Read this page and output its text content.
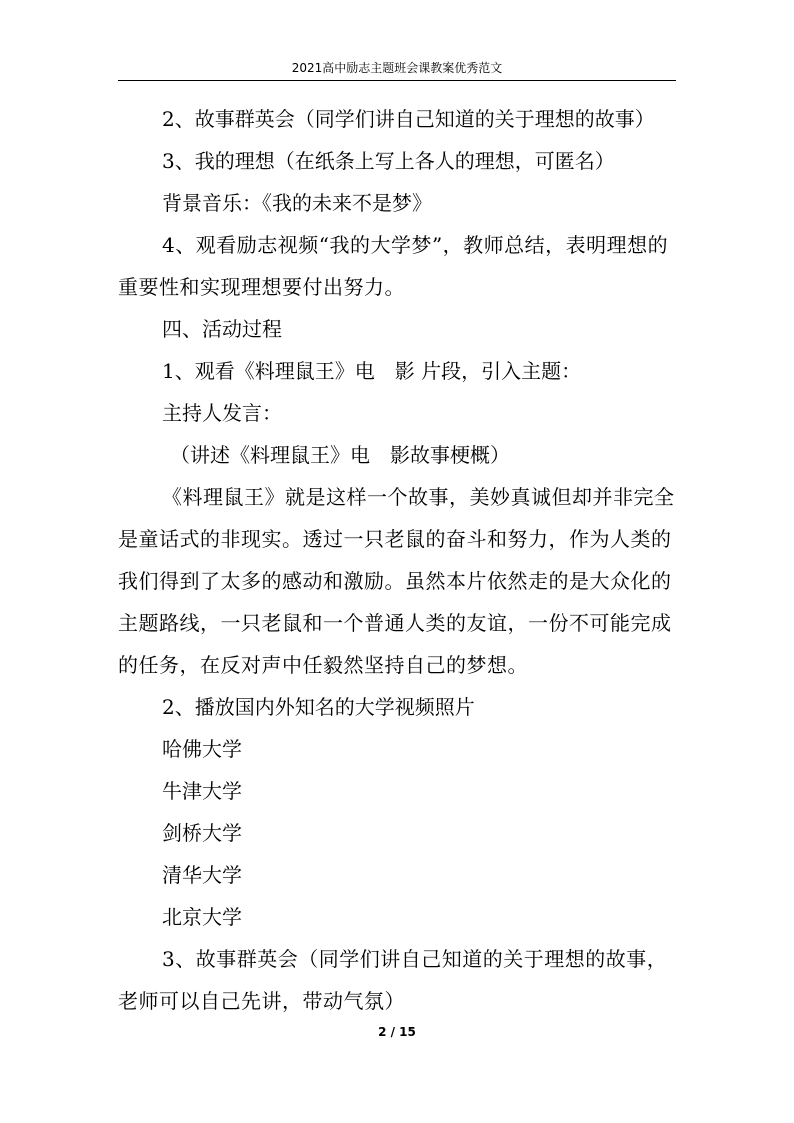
2021高中励志主题班会课教案优秀范文

2、故事群英会（同学们讲自己知道的关于理想的故事）

3、我的理想（在纸条上写上各人的理想，可匿名）

背景音乐：《我的未来不是梦》

4、观看励志视频“我的大学梦”，教师总结，表明理想的重要性和实现理想要付出努力。

四、活动过程

1、观看《料理鼠王》电　影 片段，引入主题：

主持人发言：

（讲述《料理鼠王》电　影故事梗概）

《料理鼠王》就是这样一个故事，美妙真诚但却并非完全是童话式的非现实。透过一只老鼠的奋斗和努力，作为人类的我们得到了太多的感动和激励。虽然本片依然走的是大众化的主题路线，一只老鼠和一个普通人类的友谊，一份不可能完成的任务，在反对声中任毅然坚持自己的梦想。

2、播放国内外知名的大学视频照片

哈佛大学

牛津大学

剑桥大学

清华大学

北京大学

3、故事群英会（同学们讲自己知道的关于理想的故事，老师可以自己先讲，带动气氛）

2 / 15
